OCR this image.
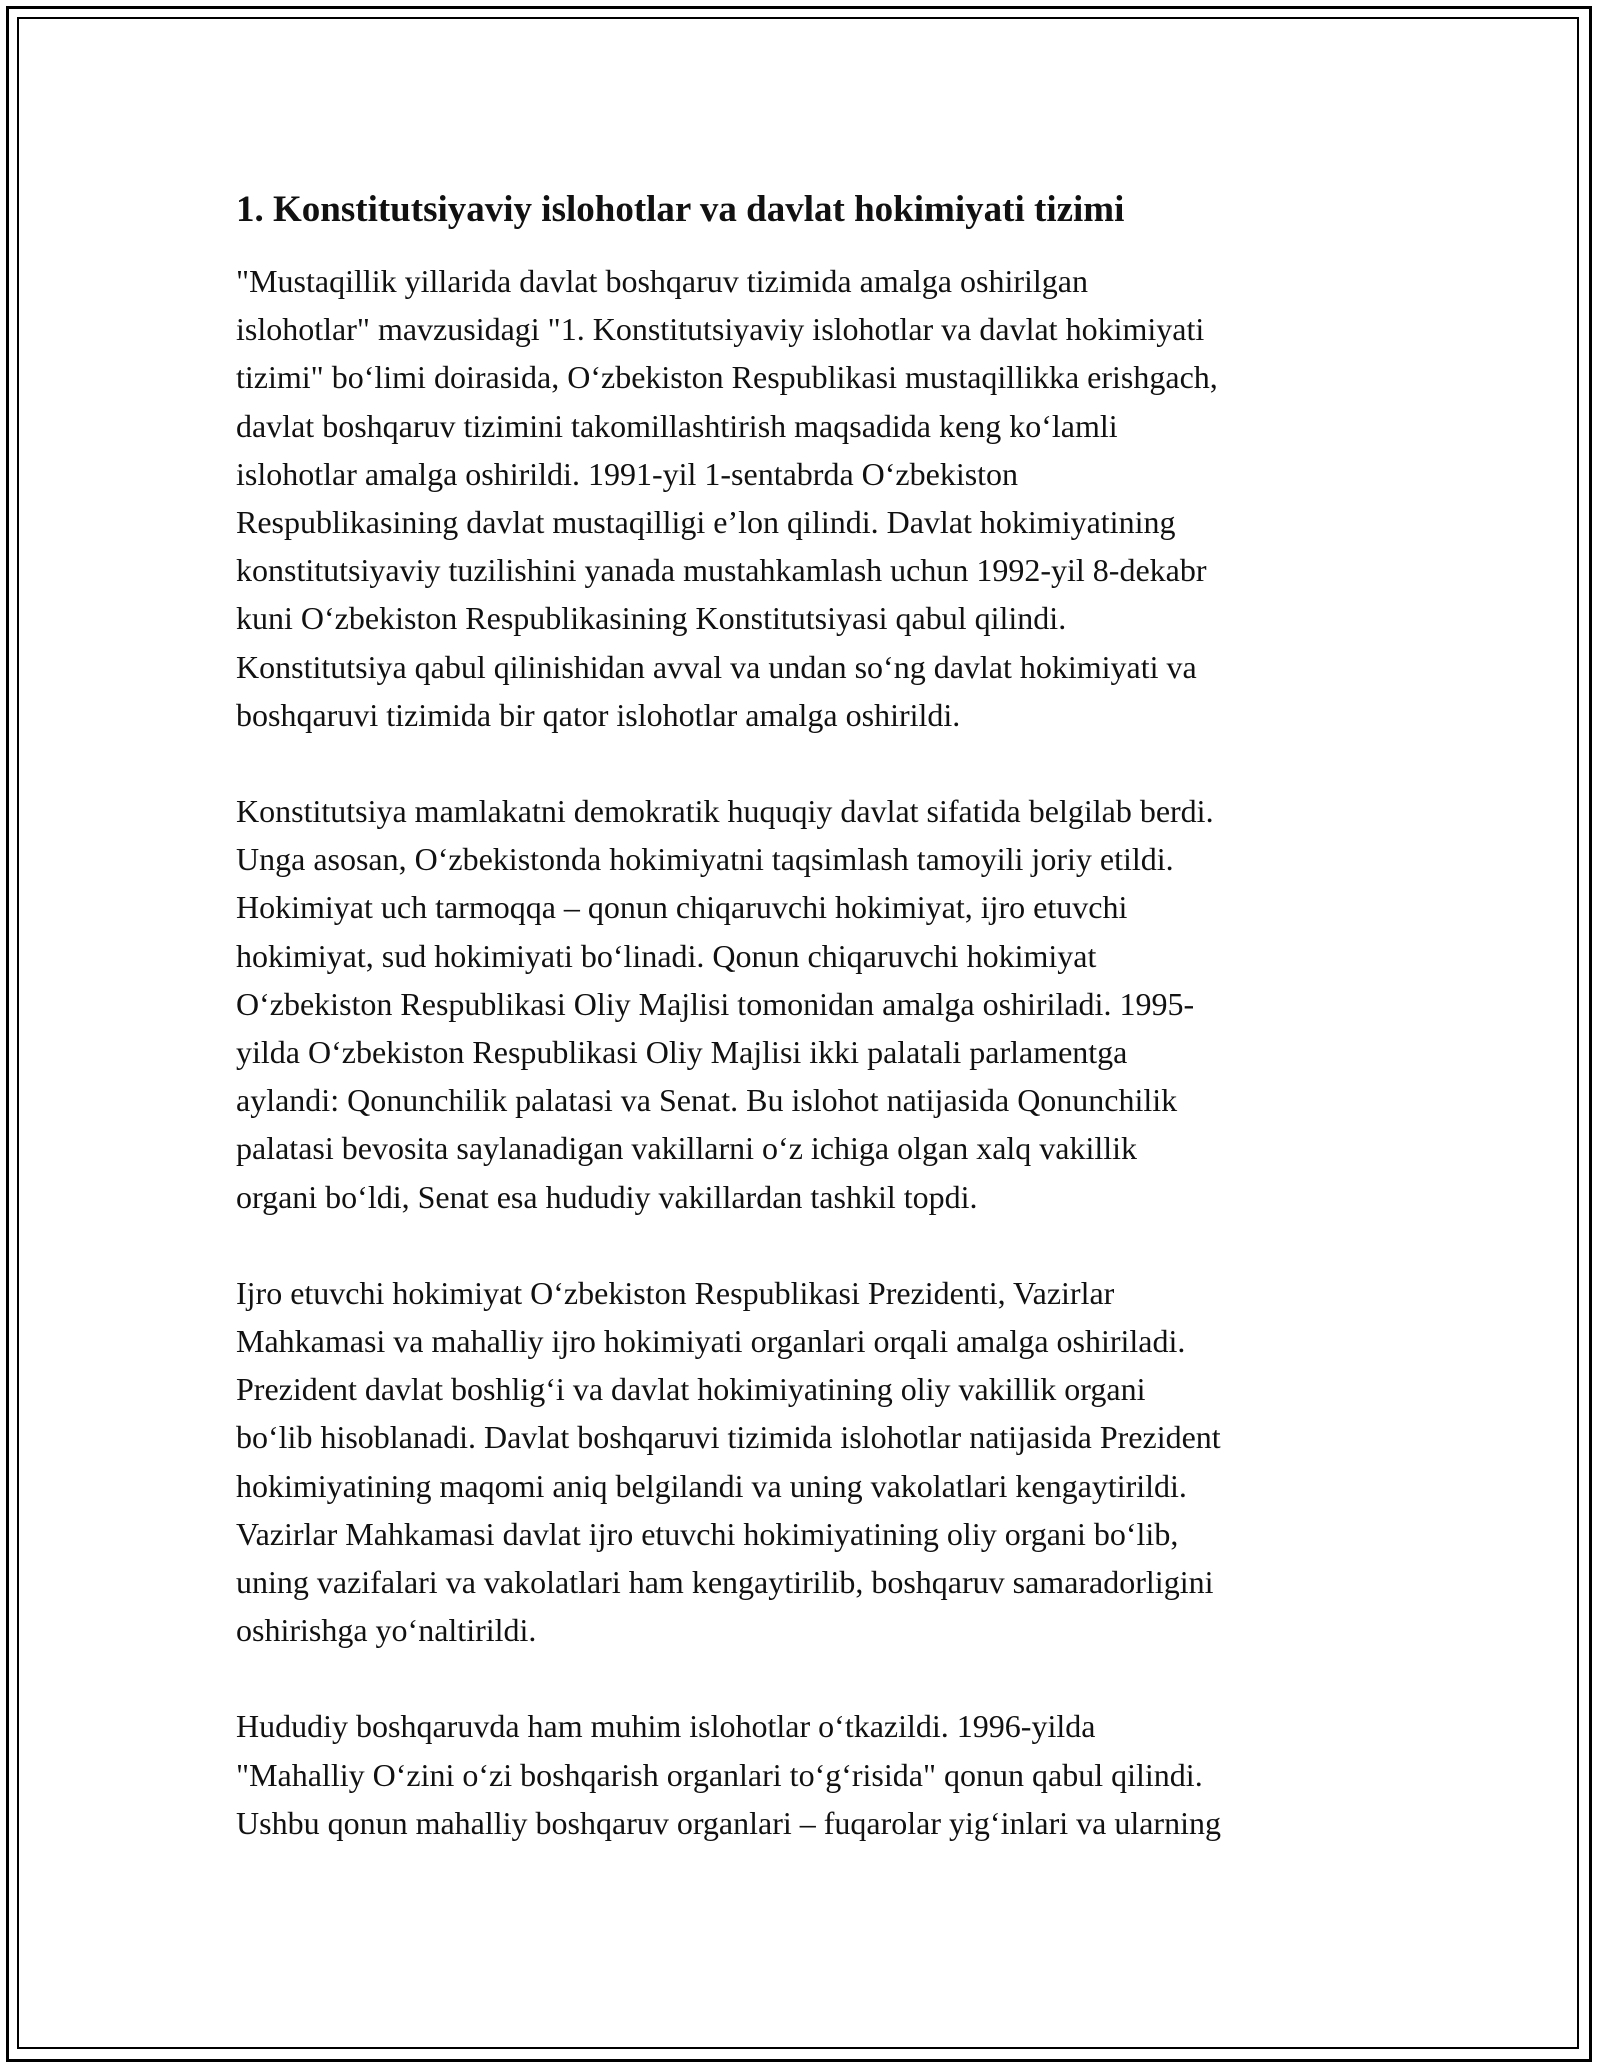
1. Konstitutsiyaviy islohotlar va davlat hokimiyati tizimi
"Mustaqillik yillarida davlat boshqaruv tizimida amalga oshirilgan
islohotlar" mavzusidagi "1. Konstitutsiyaviy islohotlar va davlat hokimiyati
tizimi" bo‘limi doirasida, O‘zbekiston Respublikasi mustaqillikka erishgach,
davlat boshqaruv tizimini takomillashtirish maqsadida keng ko‘lamli
islohotlar amalga oshirildi. 1991-yil 1-sentabrda O‘zbekiston
Respublikasining davlat mustaqilligi e’lon qilindi. Davlat hokimiyatining
konstitutsiyaviy tuzilishini yanada mustahkamlash uchun 1992-yil 8-dekabr
kuni O‘zbekiston Respublikasining Konstitutsiyasi qabul qilindi.
Konstitutsiya qabul qilinishidan avval va undan so‘ng davlat hokimiyati va
boshqaruvi tizimida bir qator islohotlar amalga oshirildi.
Konstitutsiya mamlakatni demokratik huquqiy davlat sifatida belgilab berdi.
Unga asosan, O‘zbekistonda hokimiyatni taqsimlash tamoyili joriy etildi.
Hokimiyat uch tarmoqqa – qonun chiqaruvchi hokimiyat, ijro etuvchi
hokimiyat, sud hokimiyati bo‘linadi. Qonun chiqaruvchi hokimiyat
O‘zbekiston Respublikasi Oliy Majlisi tomonidan amalga oshiriladi. 1995-
yilda O‘zbekiston Respublikasi Oliy Majlisi ikki palatali parlamentga
aylandi: Qonunchilik palatasi va Senat. Bu islohot natijasida Qonunchilik
palatasi bevosita saylanadigan vakillarni o‘z ichiga olgan xalq vakillik
organi bo‘ldi, Senat esa hududiy vakillardan tashkil topdi.
Ijro etuvchi hokimiyat O‘zbekiston Respublikasi Prezidenti, Vazirlar
Mahkamasi va mahalliy ijro hokimiyati organlari orqali amalga oshiriladi.
Prezident davlat boshlig‘i va davlat hokimiyatining oliy vakillik organi
bo‘lib hisoblanadi. Davlat boshqaruvi tizimida islohotlar natijasida Prezident
hokimiyatining maqomi aniq belgilandi va uning vakolatlari kengaytirildi.
Vazirlar Mahkamasi davlat ijro etuvchi hokimiyatining oliy organi bo‘lib,
uning vazifalari va vakolatlari ham kengaytirilib, boshqaruv samaradorligini
oshirishga yo‘naltirildi.
Hududiy boshqaruvda ham muhim islohotlar o‘tkazildi. 1996-yilda
"Mahalliy O‘zini o‘zi boshqarish organlari to‘g‘risida" qonun qabul qilindi.
Ushbu qonun mahalliy boshqaruv organlari – fuqarolar yig‘inlari va ularning
